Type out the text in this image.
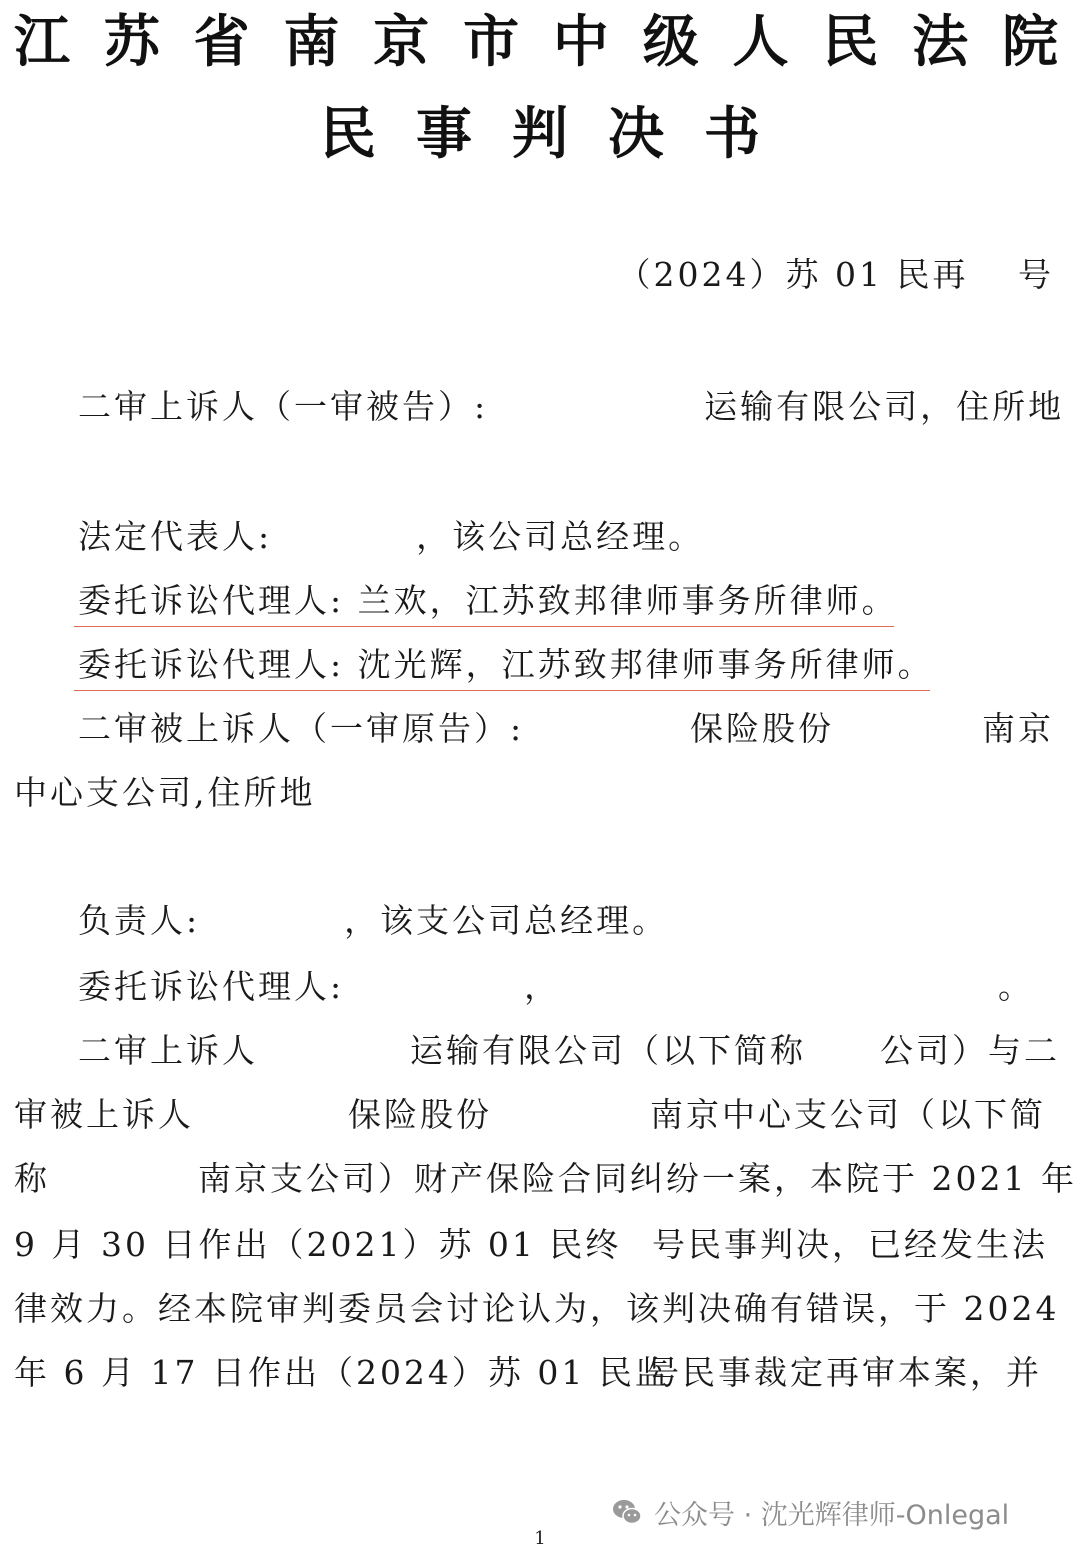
江 苏 省 南 京 市 中 级 人 民 法 院
民 事 判 决 书
（2024）苏 01 民再　 号
二审上诉人（一审被告）:　　　　　　运输有限公司，住所地
法定代表人:　　　　，该公司总经理。
委托诉讼代理人: 兰欢，江苏致邦律师事务所律师。
委托诉讼代理人: 沈光辉，江苏致邦律师事务所律师。
二审被上诉人（一审原告）:	保险股份	南京
中心支公司,住所地
负责人:　　　　，该支公司总经理。
委托诉讼代理人:　　　　　，	。
二审上诉人	运输有限公司（以下简称 公司）与二
审被上诉人	保险股份	南京中心支公司（以下简
称	南京支公司）财产保险合同纠纷一案，本院于 2021 年
9 月 30 日作出（2021）苏 01 民终 号民事判决，已经发生法
律效力。经本院审判委员会讨论认为，该判决确有错误，于 2024
年 6 月 17 日作出（2024）苏 01 民监
号民事裁定再审本案，并
公众号 · 沈光辉律师-Onlegal
1
